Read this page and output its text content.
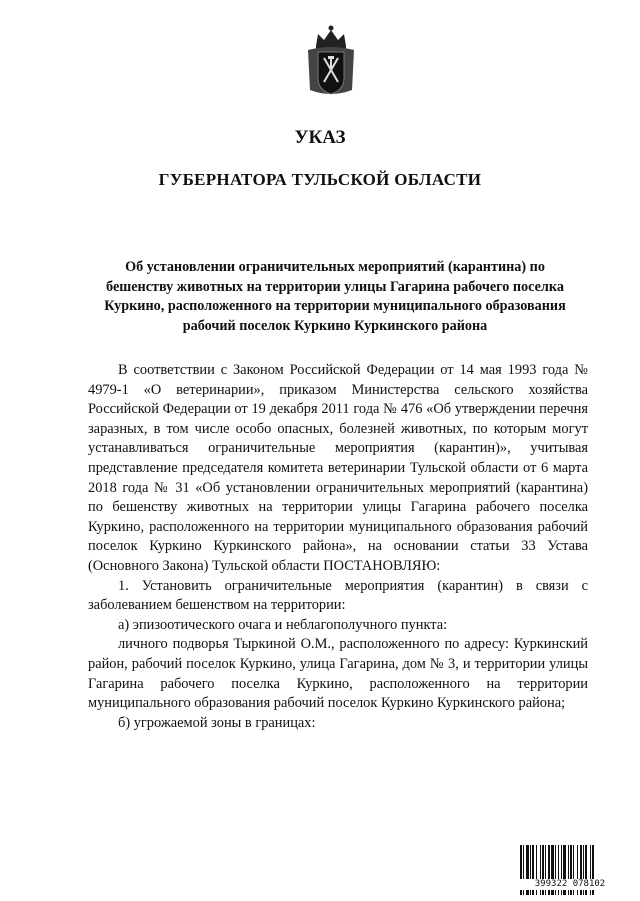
УКАЗ
ГУБЕРНАТОРА ТУЛЬСКОЙ ОБЛАСТИ
Об установлении ограничительных мероприятий (карантина) по бешенству животных на территории улицы Гагарина рабочего поселка Куркино, расположенного на территории муниципального образования рабочий поселок Куркино Куркинского района

В соответствии с Законом Российской Федерации от 14 мая 1993 года № 4979-1 «О ветеринарии», приказом Министерства сельского хозяйства Российской Федерации от 19 декабря 2011 года № 476 «Об утверждении перечня заразных, в том числе особо опасных, болезней животных, по которым могут устанавливаться ограничительные мероприятия (карантин)», учитывая представление председателя комитета ветеринарии Тульской области от 6 марта 2018 года № 31 «Об установлении ограничительных мероприятий (карантина) по бешенству животных на территории улицы Гагарина рабочего поселка Куркино, расположенного на территории муниципального образования рабочий поселок Куркино Куркинского района», на основании статьи 33 Устава (Основного Закона) Тульской области ПОСТАНОВЛЯЮ:

1. Установить ограничительные мероприятия (карантин) в связи с заболеванием бешенством на территории:

а) эпизоотического очага и неблагополучного пункта:

личного подворья Тыркиной О.М., расположенного по адресу: Куркинский район, рабочий поселок Куркино, улица Гагарина, дом № 3, и территории улицы Гагарина рабочего поселка Куркино, расположенного на территории муниципального образования рабочий поселок Куркино Куркинского района;

б) угрожаемой зоны в границах:

399322 078102
